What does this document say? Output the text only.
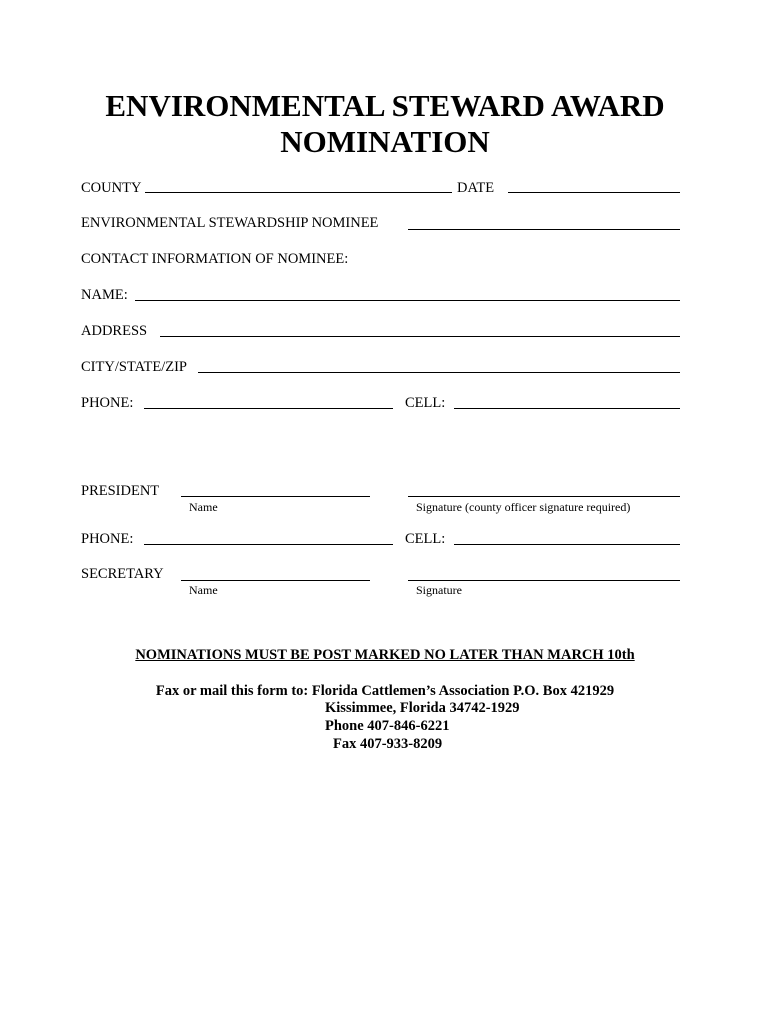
ENVIRONMENTAL STEWARD AWARD
NOMINATION
COUNTY	DATE
ENVIRONMENTAL STEWARDSHIP NOMINEE
CONTACT INFORMATION OF NOMINEE:
NAME:
ADDRESS
CITY/STATE/ZIP
PHONE:	CELL:
PRESIDENT
Name	Signature (county officer signature required)
PHONE:	CELL:
SECRETARY
Name	Signature
NOMINATIONS MUST BE POST MARKED NO LATER THAN MARCH 10th
Fax or mail this form to: Florida Cattlemen’s Association P.O. Box 421929
Kissimmee, Florida 34742-1929
Phone 407-846-6221
Fax 407-933-8209
